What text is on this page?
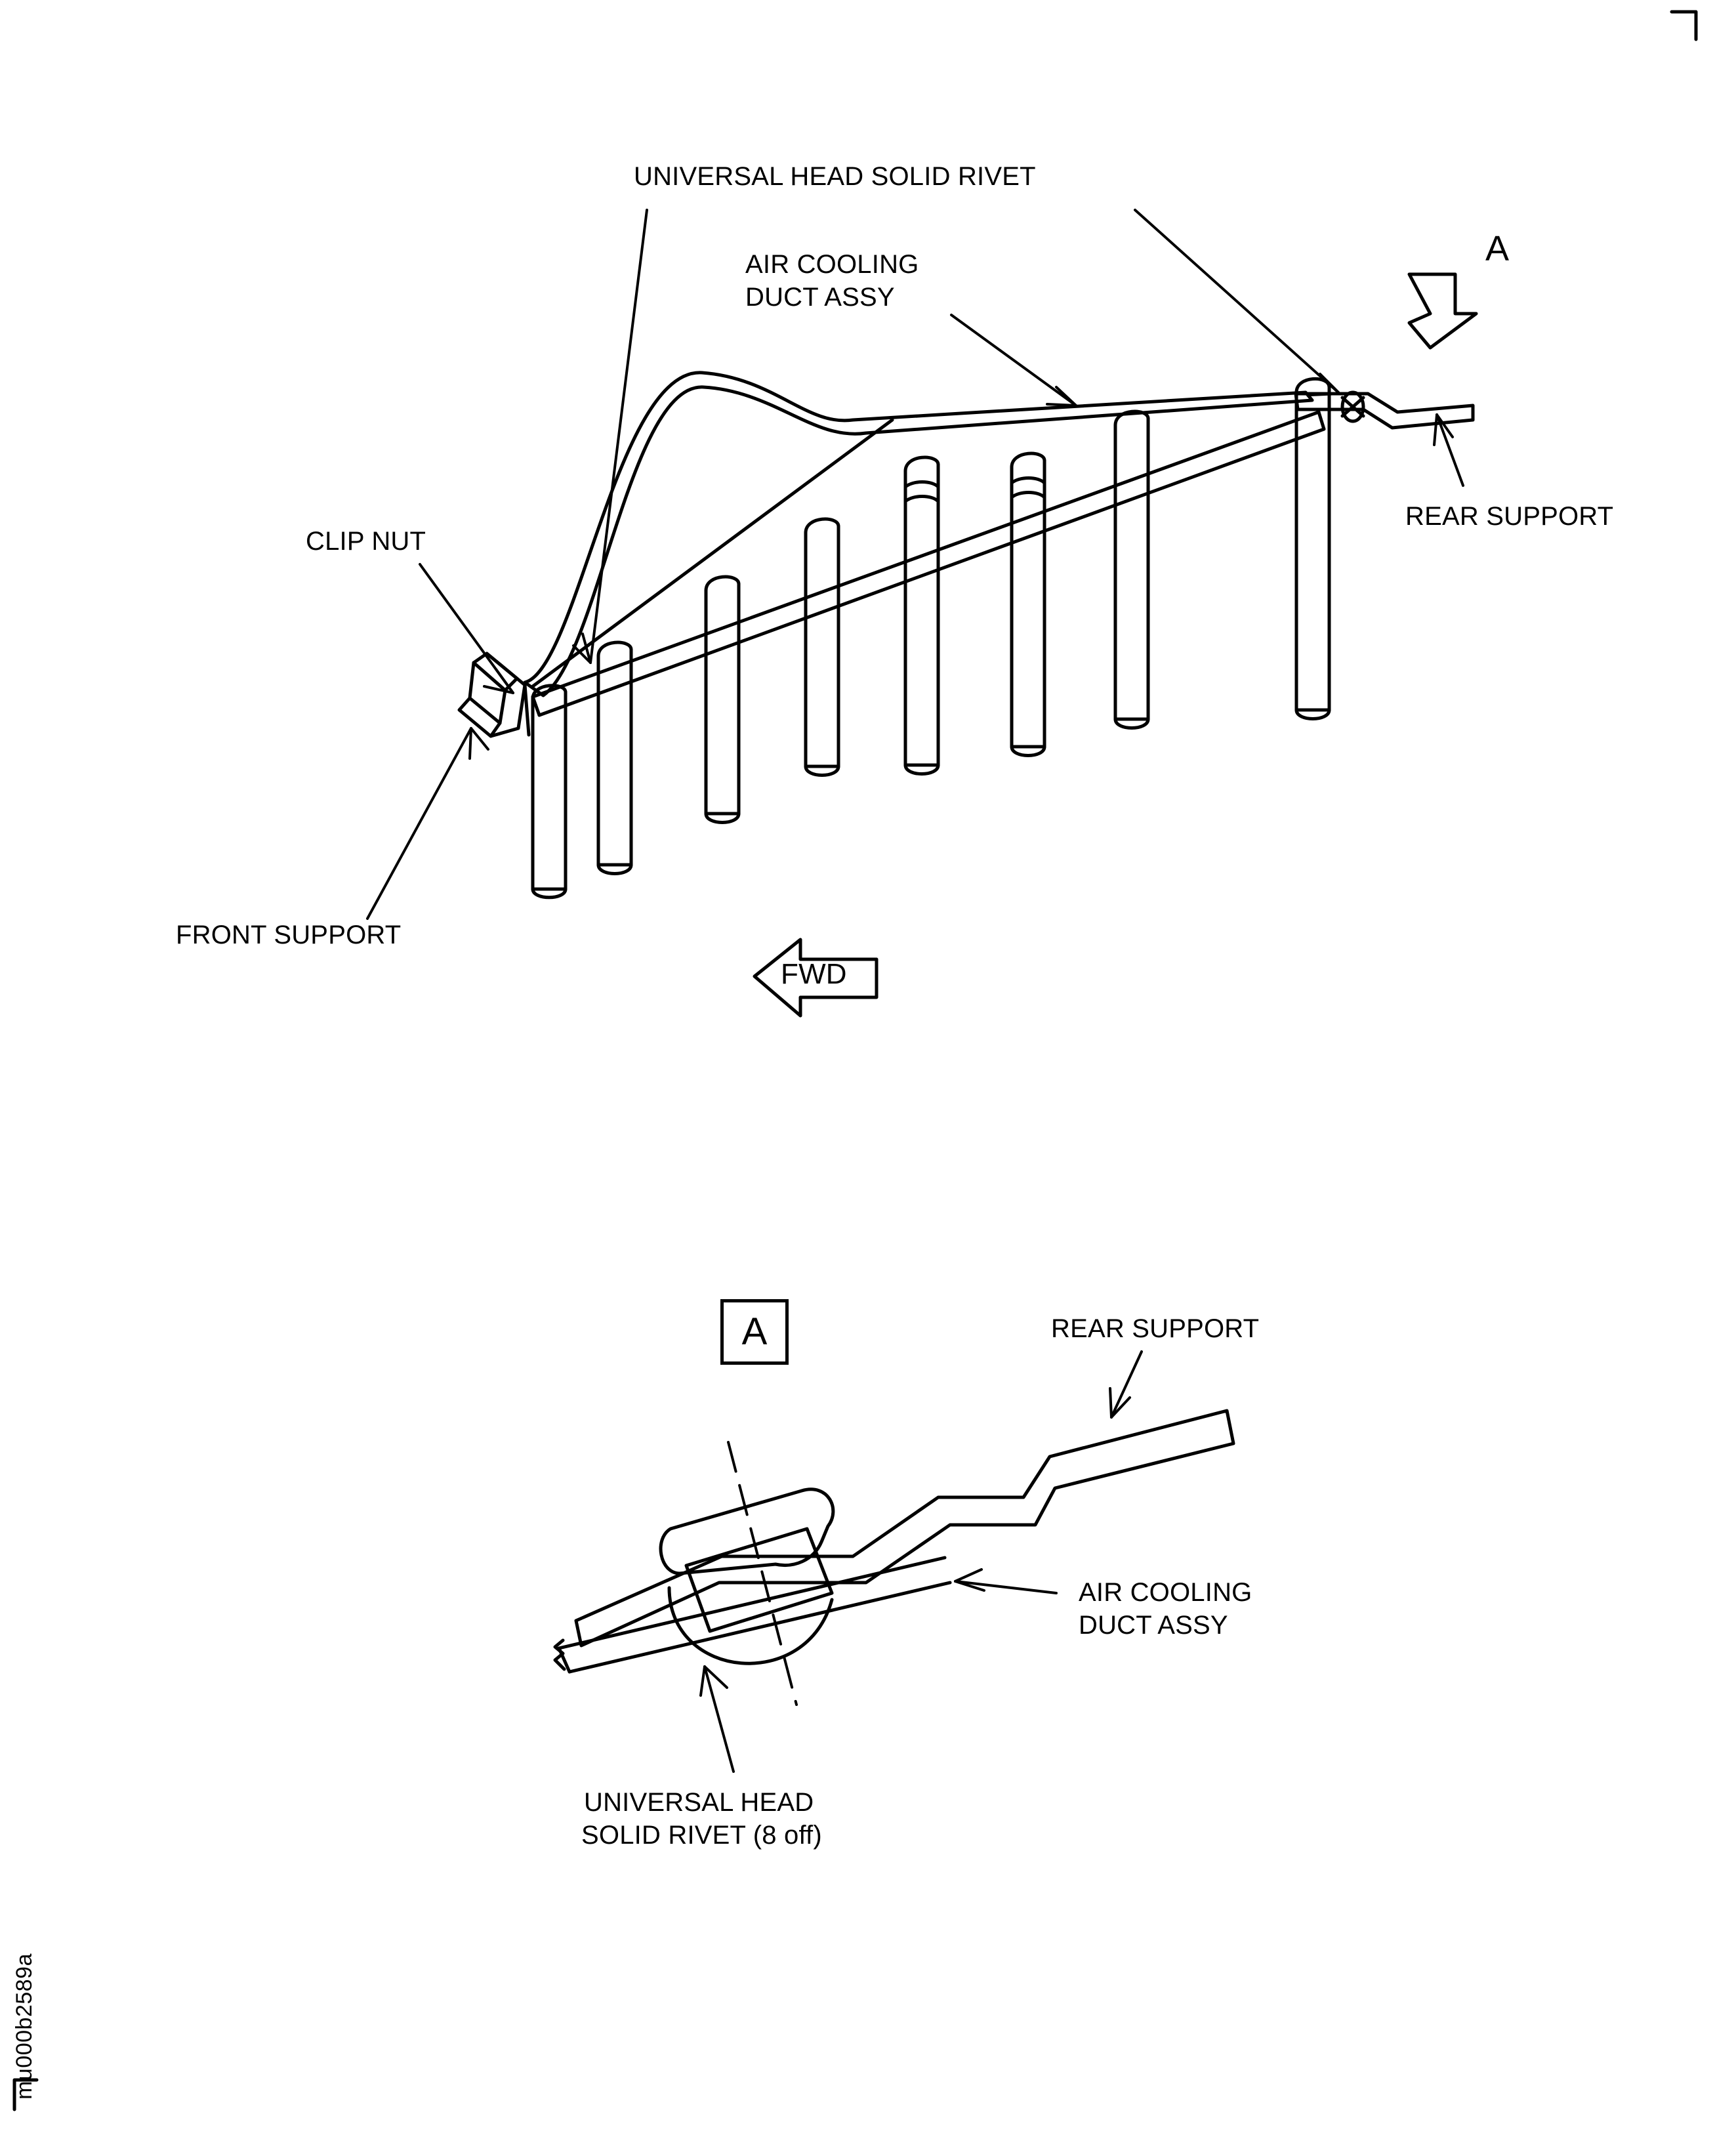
UNIVERSAL HEAD SOLID RIVET
AIR COOLING
DUCT ASSY
CLIP NUT
FRONT SUPPORT
REAR SUPPORT
A
FWD
A	REAR SUPPORT
AIR COOLING
DUCT ASSY
UNIVERSAL HEAD
SOLID RIVET (8 off)
mu000b2589a
